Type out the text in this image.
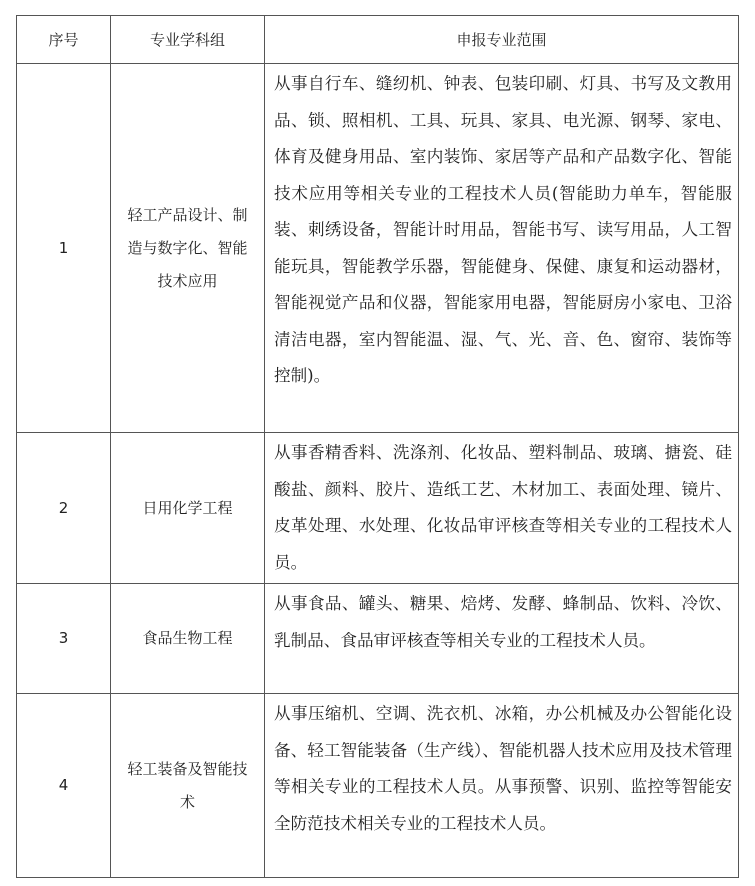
序号	专业学科组	申报专业范围
1	轻工产品设计、制造与数字化、智能技术应用	从事自行车、缝纫机、钟表、包装印刷、灯具、书写及文教用品、锁、照相机、工具、玩具、家具、电光源、钢琴、家电、体育及健身用品、室内装饰、家居等产品和产品数字化、智能技术应用等相关专业的工程技术人员(智能助力单车，智能服装、刺绣设备，智能计时用品，智能书写、读写用品，人工智能玩具，智能教学乐器，智能健身、保健、康复和运动器材，智能视觉产品和仪器，智能家用电器，智能厨房小家电、卫浴清洁电器，室内智能温、湿、气、光、音、色、窗帘、装饰等控制)。

2	日用化学工程	从事香精香料、洗涤剂、化妆品、塑料制品、玻璃、搪瓷、硅酸盐、颜料、胶片、造纸工艺、木材加工、表面处理、镜片、皮革处理、水处理、化妆品审评核查等相关专业的工程技术人员。

3	食品生物工程	从事食品、罐头、糖果、焙烤、发酵、蜂制品、饮料、冷饮、乳制品、食品审评核查等相关专业的工程技术人员。

4	轻工装备及智能技术	从事压缩机、空调、洗衣机、冰箱，办公机械及办公智能化设备、轻工智能装备（生产线）、智能机器人技术应用及技术管理等相关专业的工程技术人员。从事预警、识别、监控等智能安全防范技术相关专业的工程技术人员。
